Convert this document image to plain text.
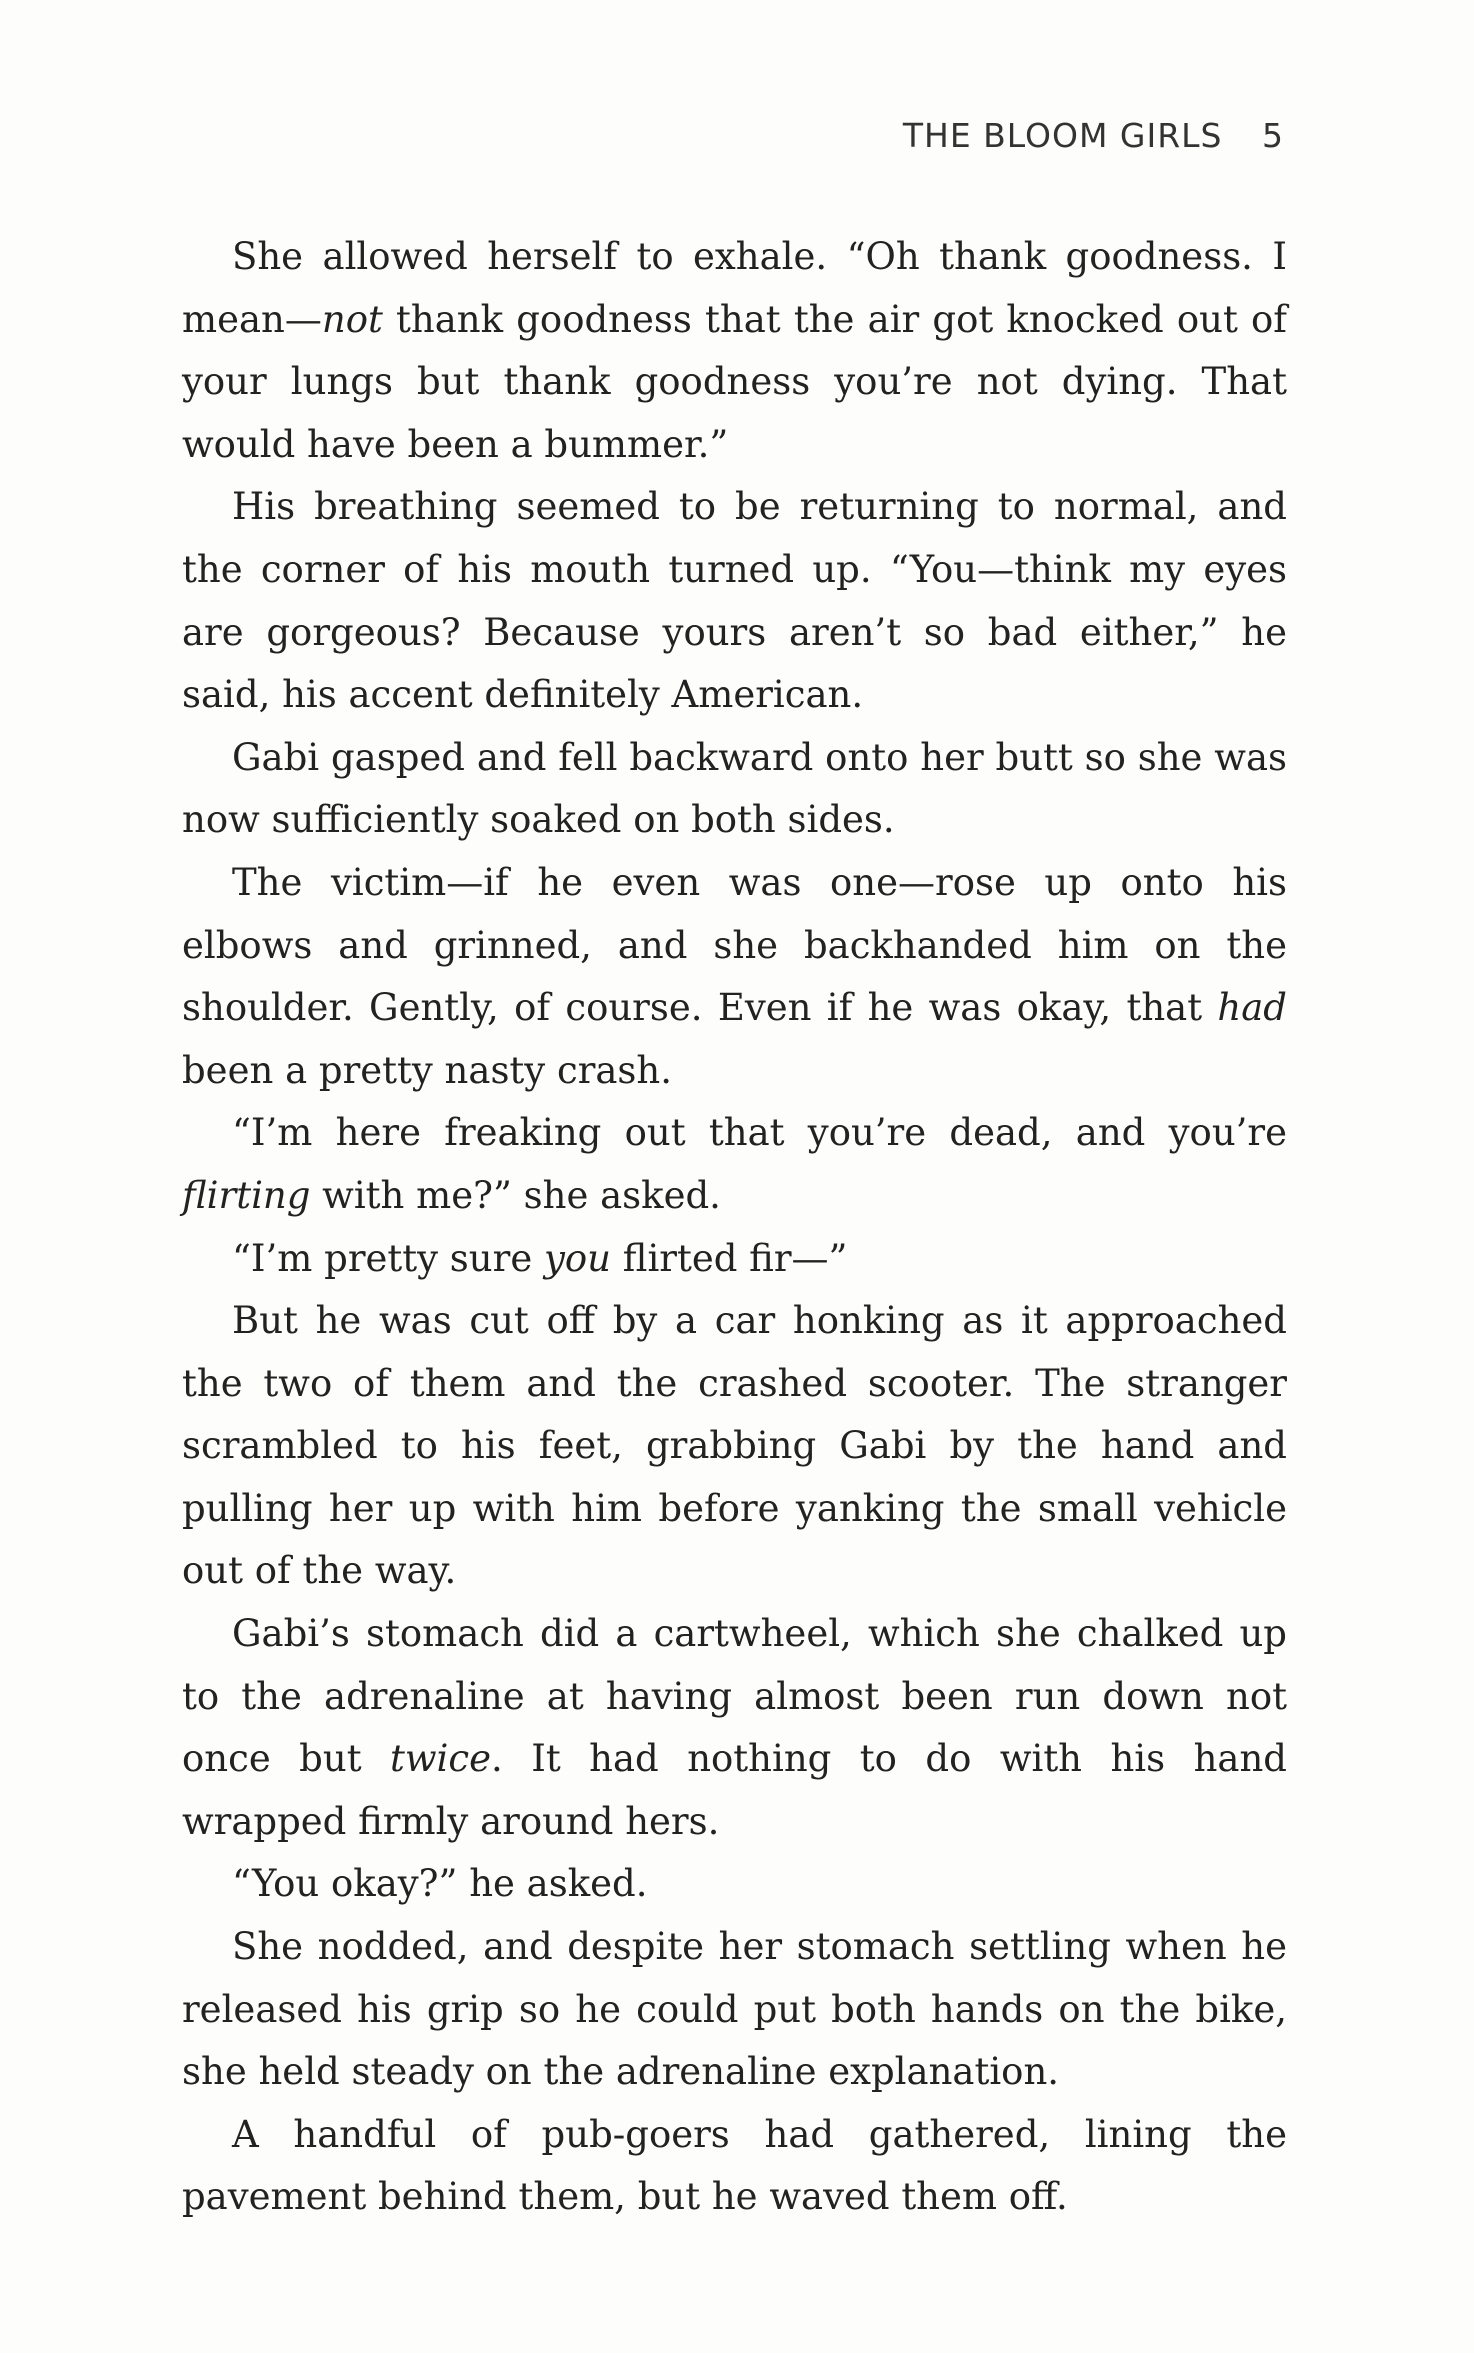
THE BLOOM GIRLS 5

She allowed herself to exhale. “Oh thank goodness. I mean—not thank goodness that the air got knocked out of your lungs but thank goodness you’re not dying. That would have been a bummer.”

His breathing seemed to be returning to normal, and the corner of his mouth turned up. “You—think my eyes are gorgeous? Because yours aren’t so bad either,” he said, his accent definitely American.

Gabi gasped and fell backward onto her butt so she was now sufficiently soaked on both sides.

The victim—if he even was one—rose up onto his elbows and grinned, and she backhanded him on the shoulder. Gently, of course. Even if he was okay, that had been a pretty nasty crash.

“I’m here freaking out that you’re dead, and you’re flirting with me?” she asked.

“I’m pretty sure you flirted fir—”

But he was cut off by a car honking as it approached the two of them and the crashed scooter. The stranger scrambled to his feet, grabbing Gabi by the hand and pulling her up with him before yanking the small vehicle out of the way.

Gabi’s stomach did a cartwheel, which she chalked up to the adrenaline at having almost been run down not once but twice. It had nothing to do with his hand wrapped firmly around hers.

“You okay?” he asked.

She nodded, and despite her stomach settling when he released his grip so he could put both hands on the bike, she held steady on the adrenaline explanation.

A handful of pub-goers had gathered, lining the pavement behind them, but he waved them off.
